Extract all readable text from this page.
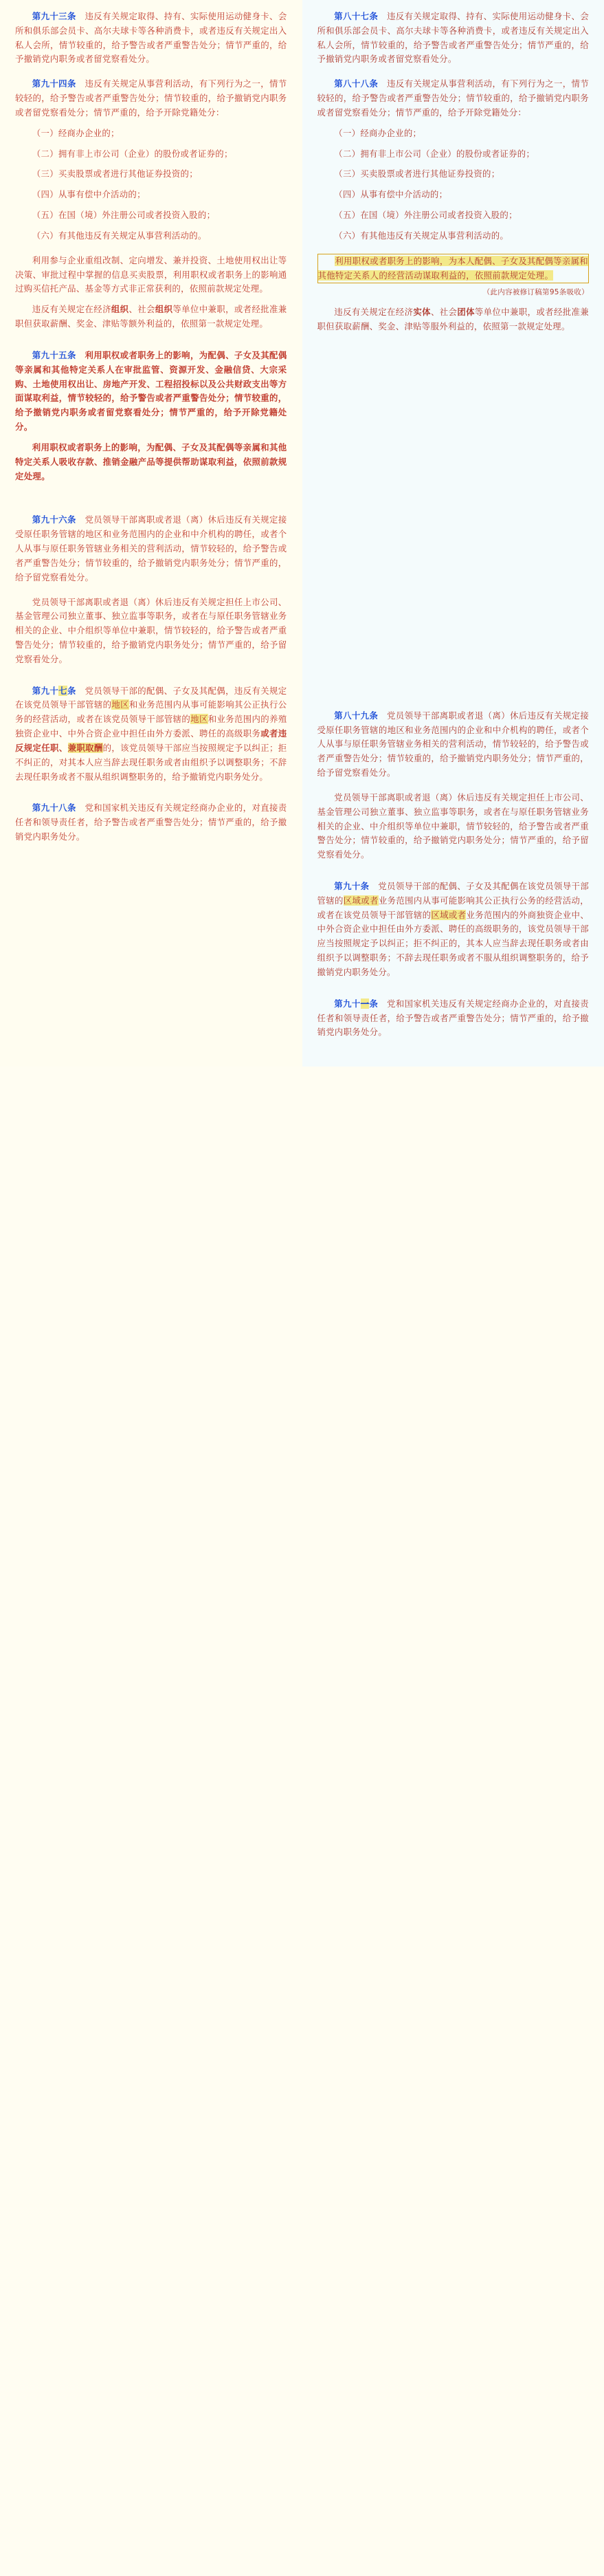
第九十三条　违反有关规定取得、持有、实际使用运动健身卡、会所和俱乐部会员卡、高尔夫球卡等各种消费卡，或者违反有关规定出入私人会所，情节较重的，给予警告或者严重警告处分；情节严重的，给予撤销党内职务或者留党察看处分。

第九十四条　违反有关规定从事营利活动，有下列行为之一，情节较轻的，给予警告或者严重警告处分；情节较重的，给予撤销党内职务或者留党察看处分；情节严重的，给予开除党籍处分：

（一）经商办企业的；

（二）拥有非上市公司（企业）的股份或者证券的；

（三）买卖股票或者进行其他证券投资的；

（四）从事有偿中介活动的；

（五）在国（境）外注册公司或者投资入股的；

（六）有其他违反有关规定从事营利活动的。

利用参与企业重组改制、定向增发、兼并投资、土地使用权出让等决策、审批过程中掌握的信息买卖股票，利用职权或者职务上的影响通过购买信托产品、基金等方式非正常获利的，依照前款规定处理。

违反有关规定在经济组织、社会组织等单位中兼职，或者经批准兼职但获取薪酬、奖金、津贴等额外利益的，依照第一款规定处理。

第九十五条　利用职权或者职务上的影响，为配偶、子女及其配偶等亲属和其他特定关系人在审批监管、资源开发、金融信贷、大宗采购、土地使用权出让、房地产开发、工程招投标以及公共财政支出等方面谋取利益，情节较轻的，给予警告或者严重警告处分；情节较重的，给予撤销党内职务或者留党察看处分；情节严重的，给予开除党籍处分。

利用职权或者职务上的影响，为配偶、子女及其配偶等亲属和其他特定关系人吸收存款、推销金融产品等提供帮助谋取利益，依照前款规定处理。

第九十六条　党员领导干部离职或者退（离）休后违反有关规定接受原任职务管辖的地区和业务范围内的企业和中介机构的聘任，或者个人从事与原任职务管辖业务相关的营利活动，情节较轻的，给予警告或者严重警告处分；情节较重的，给予撤销党内职务处分；情节严重的，给予留党察看处分。

党员领导干部离职或者退（离）休后违反有关规定担任上市公司、基金管理公司独立董事、独立监事等职务，或者在与原任职务管辖业务相关的企业、中介组织等单位中兼职，情节较轻的，给予警告或者严重警告处分；情节较重的，给予撤销党内职务处分；情节严重的，给予留党察看处分。

第九十七条　党员领导干部的配偶、子女及其配偶，违反有关规定在该党员领导干部管辖的地区和业务范围内从事可能影响其公正执行公务的经营活动，或者在该党员领导干部管辖的地区和业务范围内的养殖独资企业中、中外合资企业中担任由外方委派、聘任的高级职务或者违反规定任职、兼职取酬的，该党员领导干部应当按照规定予以纠正；拒不纠正的，对其本人应当辞去现任职务或者由组织予以调整职务；不辞去现任职务或者不服从组织调整职务的，给予撤销党内职务处分。

第九十八条　党和国家机关违反有关规定经商办企业的，对直接责任者和领导责任者，给予警告或者严重警告处分；情节严重的，给予撤销党内职务处分。

第八十七条　违反有关规定取得、持有、实际使用运动健身卡、会所和俱乐部会员卡、高尔夫球卡等各种消费卡，或者违反有关规定出入私人会所，情节较重的，给予警告或者严重警告处分；情节严重的，给予撤销党内职务或者留党察看处分。

第八十八条　违反有关规定从事营利活动，有下列行为之一，情节较轻的，给予警告或者严重警告处分；情节较重的，给予撤销党内职务或者留党察看处分；情节严重的，给予开除党籍处分：

（一）经商办企业的；

（二）拥有非上市公司（企业）的股份或者证券的；

（三）买卖股票或者进行其他证券投资的；

（四）从事有偿中介活动的；

（五）在国（境）外注册公司或者投资入股的；

（六）有其他违反有关规定从事营利活动的。

利用职权或者职务上的影响，为本人配偶、子女及其配偶等亲属和其他特定关系人的经营活动谋取利益的，依照前款规定处理。

（此内容被修订稿第95条吸收）

违反有关规定在经济实体、社会团体等单位中兼职，或者经批准兼职但获取薪酬、奖金、津贴等服外利益的，依照第一款规定处理。

第八十九条　党员领导干部离职或者退（离）休后违反有关规定接受原任职务管辖的地区和业务范围内的企业和中介机构的聘任，或者个人从事与原任职务管辖业务相关的营利活动，情节较轻的，给予警告或者严重警告处分；情节较重的，给予撤销党内职务处分；情节严重的，给予留党察看处分。

党员领导干部离职或者退（离）休后违反有关规定担任上市公司、基金管理公司独立董事、独立监事等职务，或者在与原任职务管辖业务相关的企业、中介组织等单位中兼职，情节较轻的，给予警告或者严重警告处分；情节较重的，给予撤销党内职务处分；情节严重的，给予留党察看处分。

第九十条　党员领导干部的配偶、子女及其配偶在该党员领导干部管辖的区域或者业务范围内从事可能影响其公正执行公务的经营活动，或者在该党员领导干部管辖的区域或者业务范围内的外商独资企业中、中外合资企业中担任由外方委派、聘任的高级职务的，该党员领导干部应当按照规定予以纠正；拒不纠正的，其本人应当辞去现任职务或者由组织予以调整职务；不辞去现任职务或者不服从组织调整职务的，给予撤销党内职务处分。

第九十一条　党和国家机关违反有关规定经商办企业的，对直接责任者和领导责任者，给予警告或者严重警告处分；情节严重的，给予撤销党内职务处分。
